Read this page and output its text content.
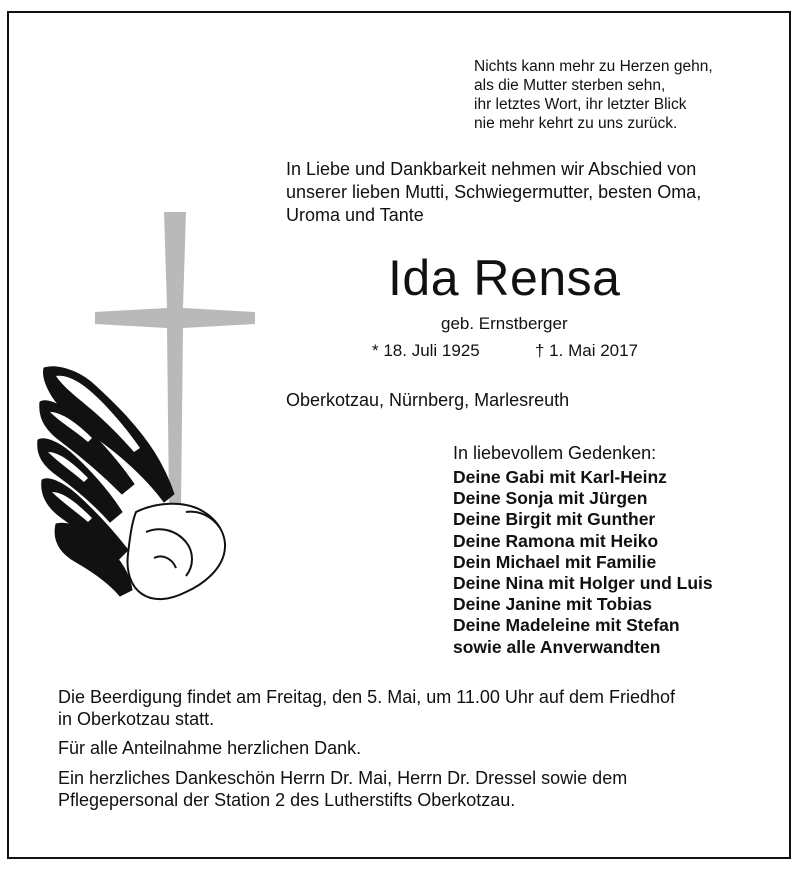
Nichts kann mehr zu Herzen gehn,
als die Mutter sterben sehn,
ihr letztes Wort, ihr letzter Blick
nie mehr kehrt zu uns zurück.
In Liebe und Dankbarkeit nehmen wir Abschied von
unserer lieben Mutti, Schwiegermutter, besten Oma,
Uroma und Tante
Ida Rensa
geb. Ernstberger
* 18. Juli 1925	† 1. Mai 2017
Oberkotzau, Nürnberg, Marlesreuth
In liebevollem Gedenken:
Deine Gabi mit Karl-Heinz
Deine Sonja mit Jürgen
Deine Birgit mit Gunther
Deine Ramona mit Heiko
Dein Michael mit Familie
Deine Nina mit Holger und Luis
Deine Janine mit Tobias
Deine Madeleine mit Stefan
sowie alle Anverwandten
Die Beerdigung findet am Freitag, den 5. Mai, um 11.00 Uhr auf dem Friedhof
in Oberkotzau statt.
Für alle Anteilnahme herzlichen Dank.
Ein herzliches Dankeschön Herrn Dr. Mai, Herrn Dr. Dressel sowie dem
Pflegepersonal der Station 2 des Lutherstifts Oberkotzau.
